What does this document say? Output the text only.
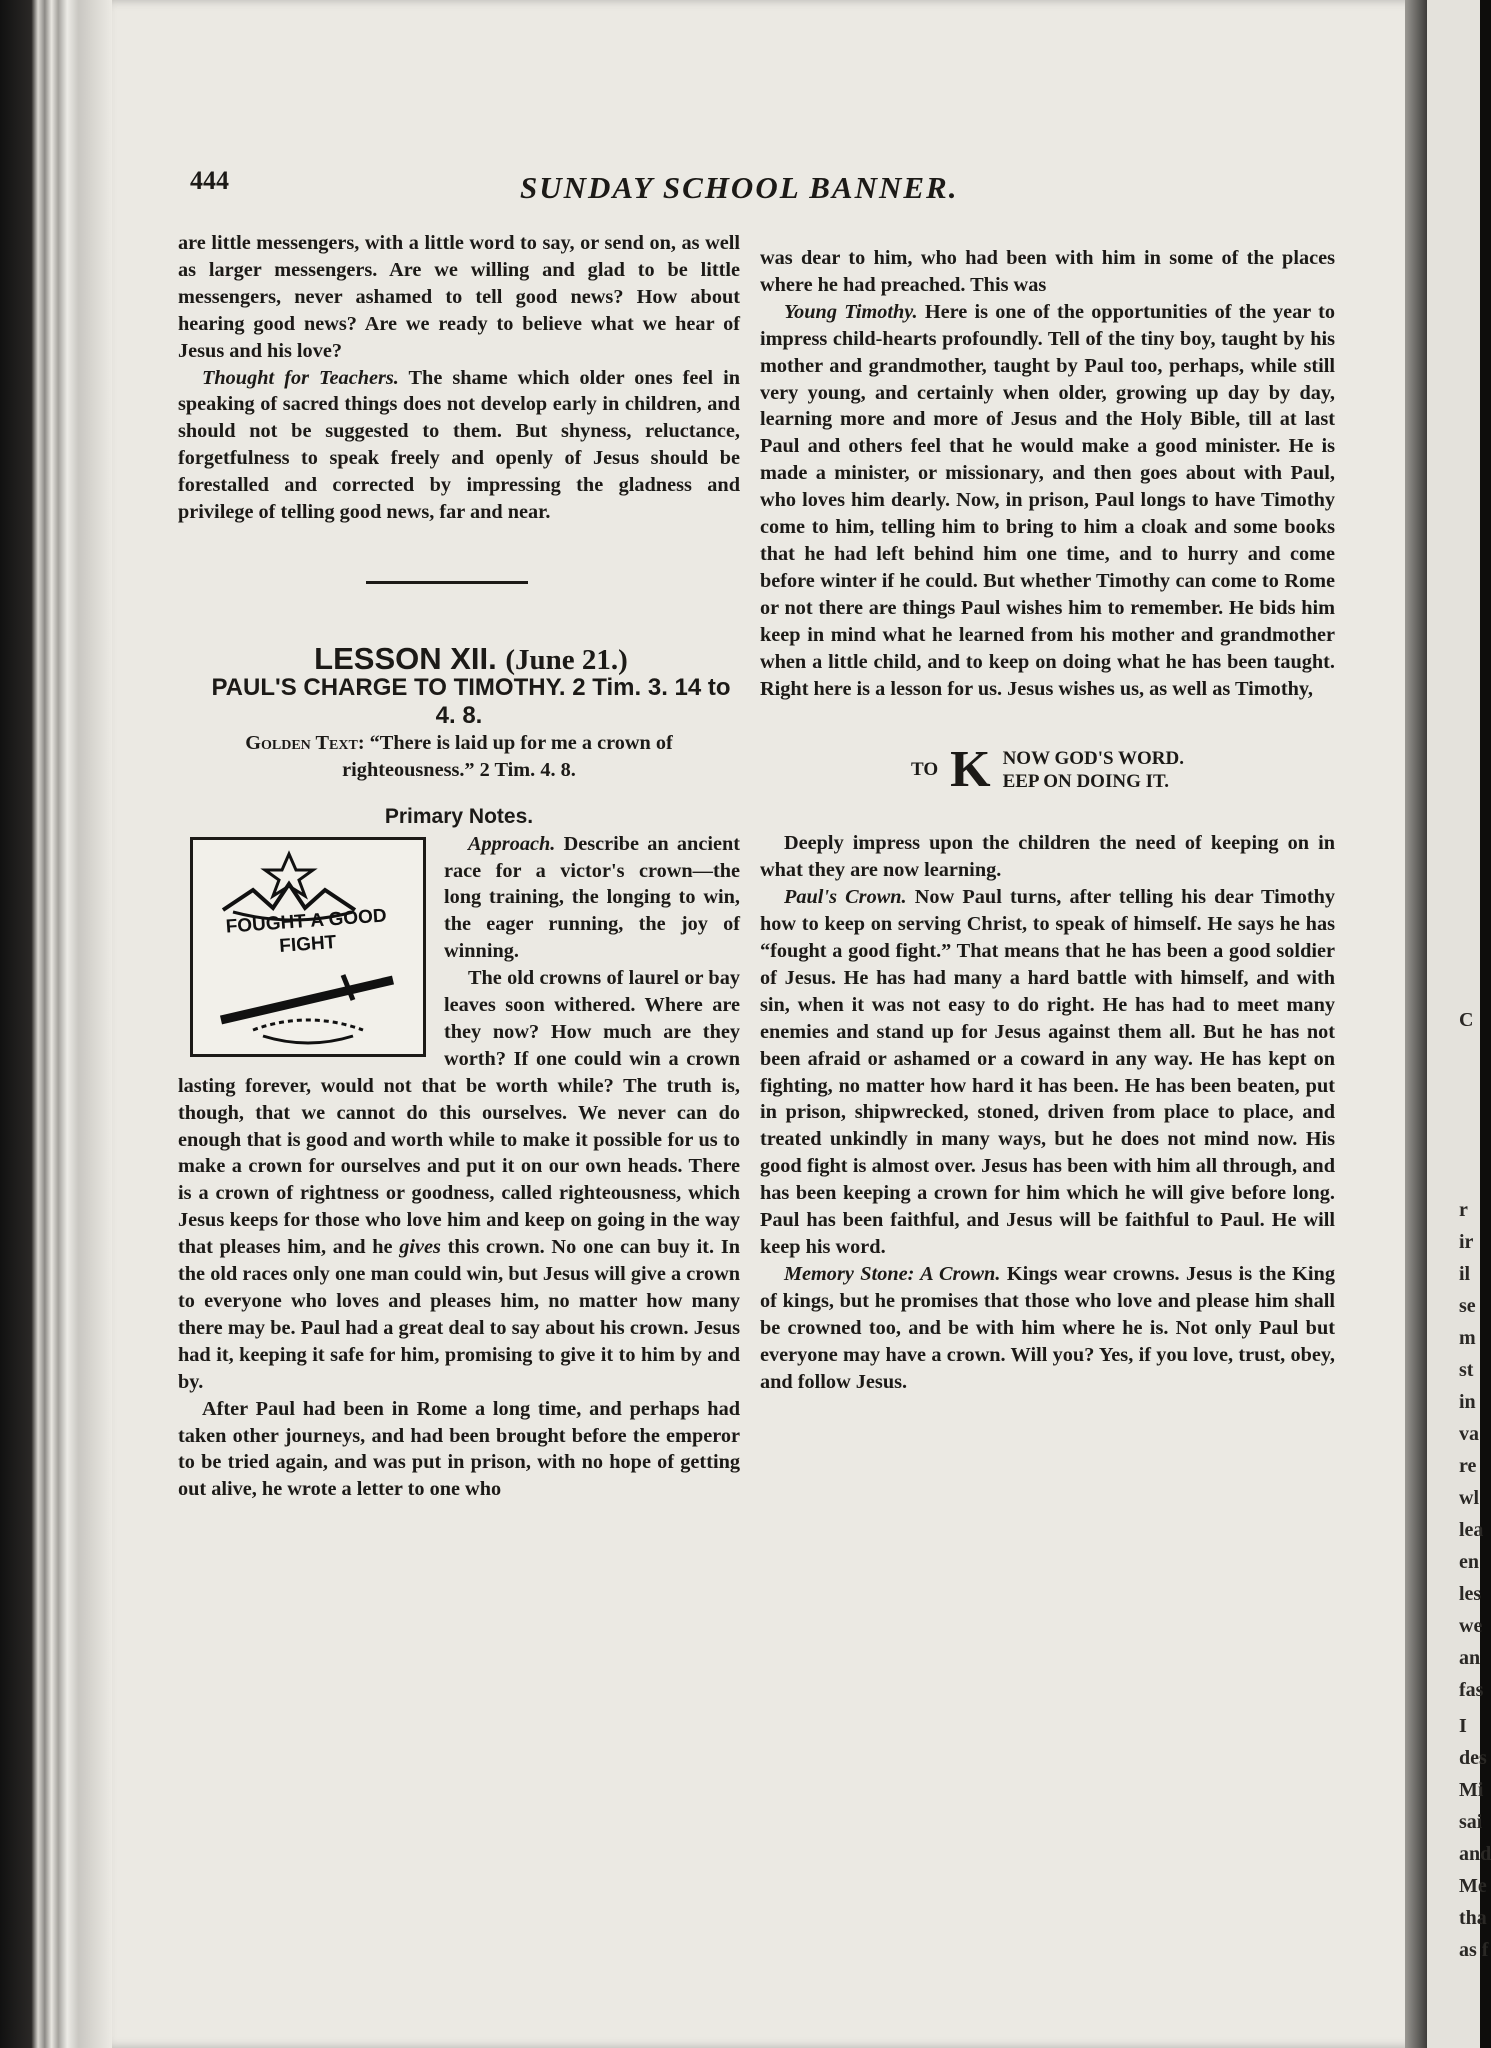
444	SUNDAY SCHOOL BANNER.

are little messengers, with a little word to say, or send on, as well as larger messengers. Are we willing and glad to be little messengers, never ashamed to tell good news? How about hearing good news? Are we ready to believe what we hear of Jesus and his love?

Thought for Teachers. The shame which older ones feel in speaking of sacred things does not develop early in children, and should not be suggested to them. But shyness, reluctance, forgetfulness to speak freely and openly of Jesus should be forestalled and corrected by impressing the gladness and privilege of telling good news, far and near.

LESSON XII. (June 21.)

PAUL'S CHARGE TO TIMOTHY. 2 Tim. 3. 14 to 4. 8.

Golden Text: “There is laid up for me a crown of righteousness.” 2 Tim. 4. 8.

Primary Notes.

FOUGHT A GOOD FIGHT

Approach. Describe an ancient race for a victor's crown—the long training, the longing to win, the eager running, the joy of winning.

The old crowns of laurel or bay leaves soon withered. Where are they now? How much are they worth? If one could win a crown lasting forever, would not that be worth while? The truth is, though, that we cannot do this ourselves. We never can do enough that is good and worth while to make it possible for us to make a crown for ourselves and put it on our own heads. There is a crown of rightness or goodness, called righteousness, which Jesus keeps for those who love him and keep on going in the way that pleases him, and he gives this crown. No one can buy it. In the old races only one man could win, but Jesus will give a crown to everyone who loves and pleases him, no matter how many there may be. Paul had a great deal to say about his crown. Jesus had it, keeping it safe for him, promising to give it to him by and by.

After Paul had been in Rome a long time, and perhaps had taken other journeys, and had been brought before the emperor to be tried again, and was put in prison, with no hope of getting out alive, he wrote a letter to one who

was dear to him, who had been with him in some of the places where he had preached. This was

Young Timothy. Here is one of the opportunities of the year to impress child-hearts profoundly. Tell of the tiny boy, taught by his mother and grandmother, taught by Paul too, perhaps, while still very young, and certainly when older, growing up day by day, learning more and more of Jesus and the Holy Bible, till at last Paul and others feel that he would make a good minister. He is made a minister, or missionary, and then goes about with Paul, who loves him dearly. Now, in prison, Paul longs to have Timothy come to him, telling him to bring to him a cloak and some books that he had left behind him one time, and to hurry and come before winter if he could. But whether Timothy can come to Rome or not there are things Paul wishes him to remember. He bids him keep in mind what he learned from his mother and grandmother when a little child, and to keep on doing what he has been taught. Right here is a lesson for us. Jesus wishes us, as well as Timothy,

TO K NOW GOD'S WORD.
EEP ON DOING IT.

Deeply impress upon the children the need of keeping on in what they are now learning.

Paul's Crown. Now Paul turns, after telling his dear Timothy how to keep on serving Christ, to speak of himself. He says he has “fought a good fight.” That means that he has been a good soldier of Jesus. He has had many a hard battle with himself, and with sin, when it was not easy to do right. He has had to meet many enemies and stand up for Jesus against them all. But he has not been afraid or ashamed or a coward in any way. He has kept on fighting, no matter how hard it has been. He has been beaten, put in prison, shipwrecked, stoned, driven from place to place, and treated unkindly in many ways, but he does not mind now. His good fight is almost over. Jesus has been with him all through, and has been keeping a crown for him which he will give before long. Paul has been faithful, and Jesus will be faithful to Paul. He will keep his word.

Memory Stone: A Crown. Kings wear crowns. Jesus is the King of kings, but he promises that those who love and please him shall be crowned too, and be with him where he is. Not only Paul but everyone may have a crown. Will you? Yes, if you love, trust, obey, and follow Jesus.

C
r
ir
il
se
m
st
in
va
re
wl
lea
en
les
we
an
fas
I
des
Mi
sai
and
Me
tha
as f
